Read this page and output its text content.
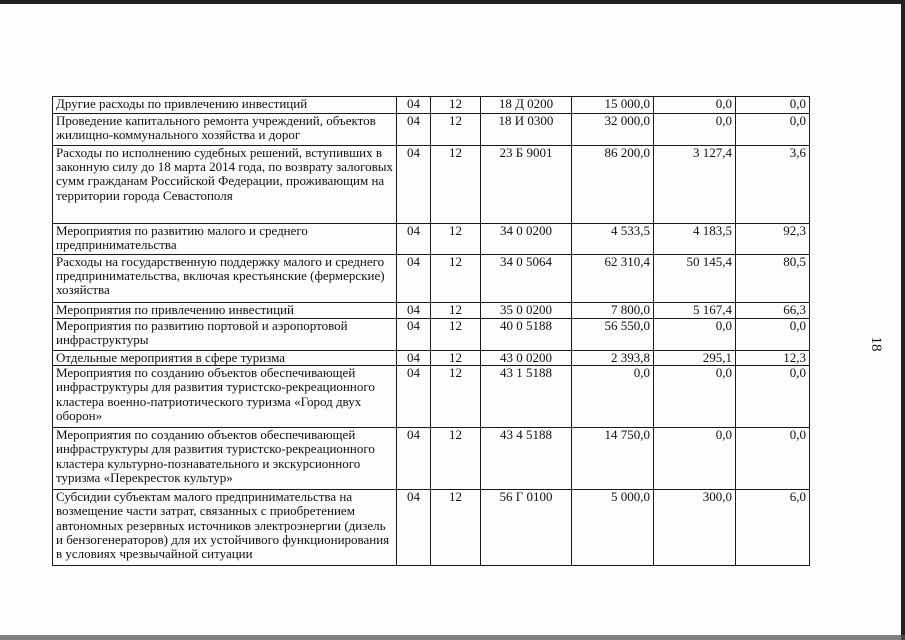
18
Другие расходы по привлечению инвестиций	04	12	18 Д 0200	15 000,0	0,0	0,0
Проведение капитального ремонта учреждений, объектов жилищно-коммунального хозяйства и дорог	04	12	18 И 0300	32 000,0	0,0	0,0
Расходы по исполнению судебных решений, вступивших в законную силу до 18 марта 2014 года, по возврату залоговых сумм гражданам Российской Федерации, проживающим на территории города Севастополя	04	12	23 Б 9001	86 200,0	3 127,4	3,6
Мероприятия по развитию малого и среднего предпринимательства	04	12	34 0 0200	4 533,5	4 183,5	92,3
Расходы на государственную поддержку малого и среднего предпринимательства, включая крестьянские (фермерские) хозяйства	04	12	34 0 5064	62 310,4	50 145,4	80,5
Мероприятия по привлечению инвестиций	04	12	35 0 0200	7 800,0	5 167,4	66,3
Мероприятия по развитию портовой и аэропортовой инфраструктуры	04	12	40 0 5188	56 550,0	0,0	0,0
Отдельные мероприятия в сфере туризма	04	12	43 0 0200	2 393,8	295,1	12,3
Мероприятия по созданию объектов обеспечивающей инфраструктуры для развития туристско-рекреационного кластера военно-патриотического туризма «Город двух оборон»	04	12	43 1 5188	0,0	0,0	0,0
Мероприятия по созданию объектов обеспечивающей инфраструктуры для развития туристско-рекреационного кластера культурно-познавательного и экскурсионного туризма «Перекресток культур»	04	12	43 4 5188	14 750,0	0,0	0,0
Субсидии субъектам малого предпринимательства на возмещение части затрат, связанных с приобретением автономных резервных источников электроэнергии (дизель и бензогенераторов) для их устойчивого функционирования в условиях чрезвычайной ситуации	04	12	56 Г 0100	5 000,0	300,0	6,0
